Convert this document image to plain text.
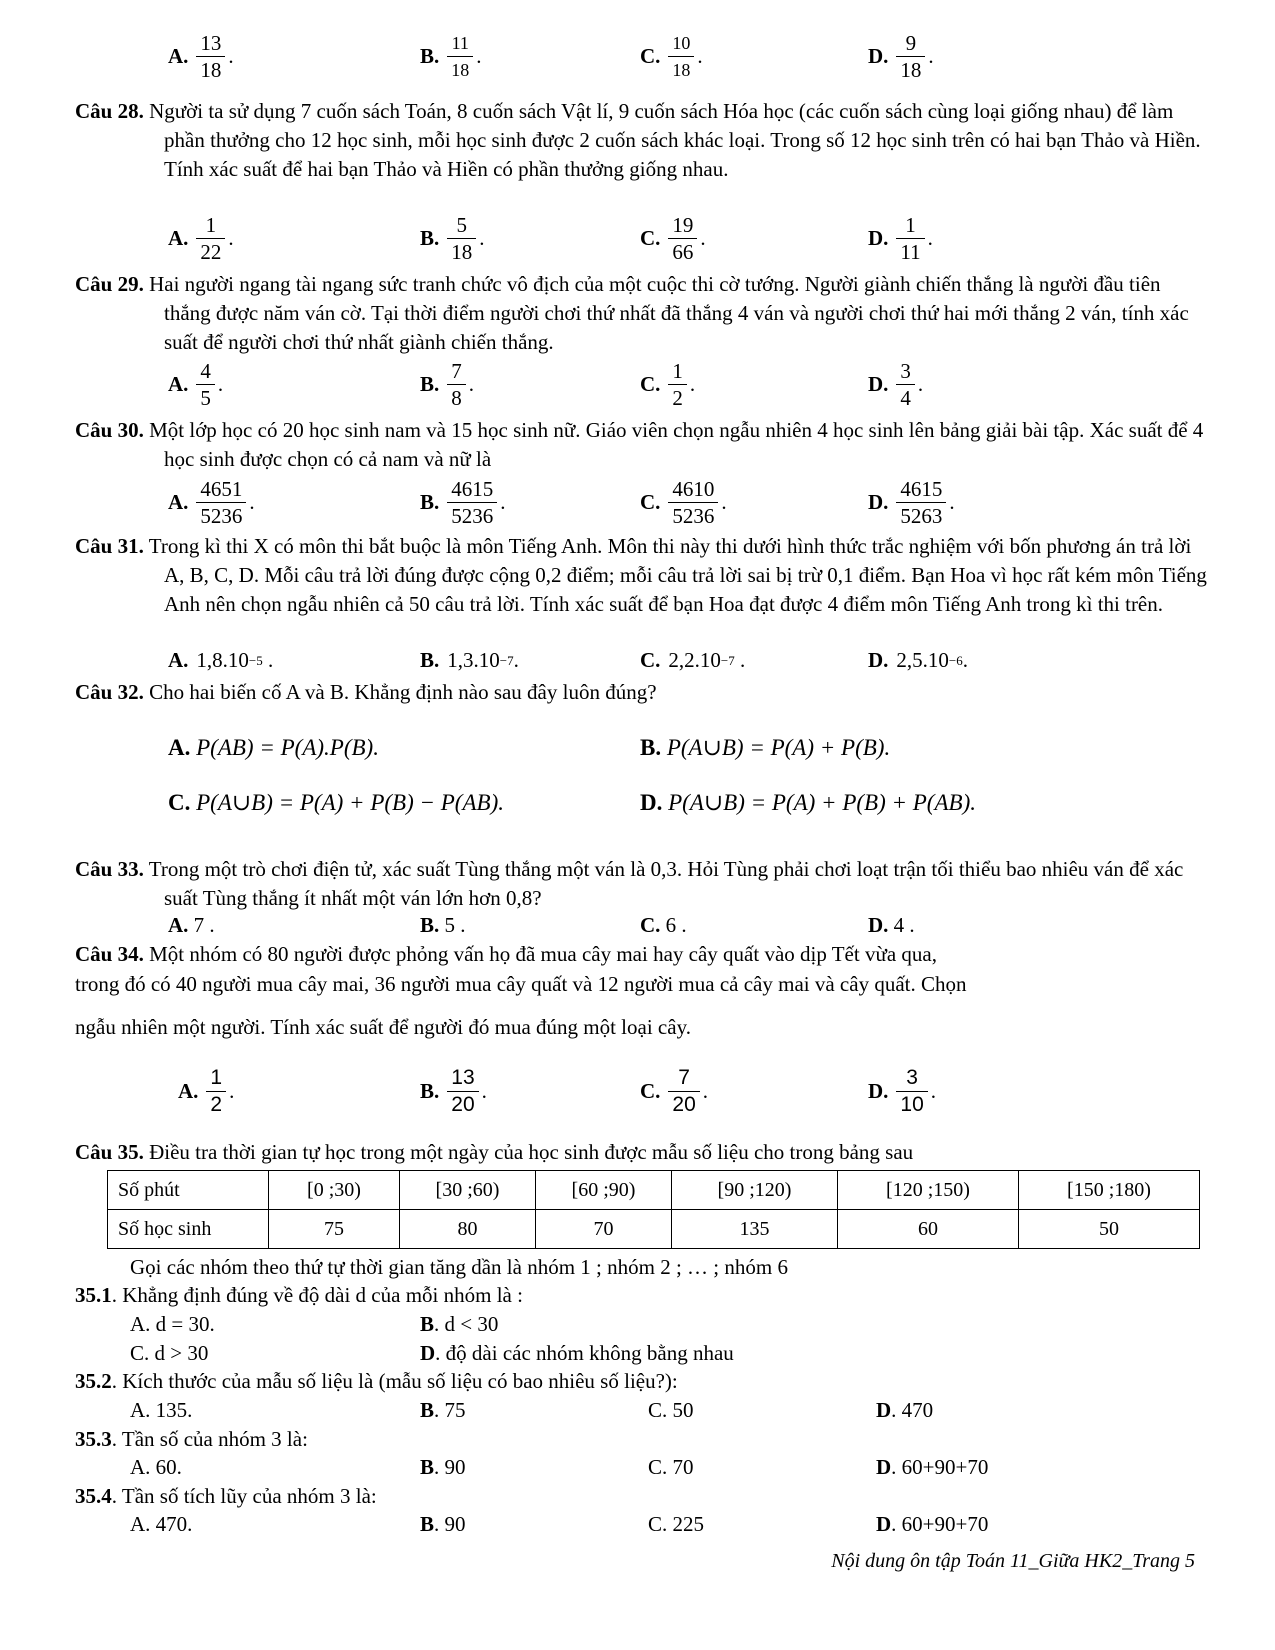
A. $\frac{13}{18}$ .	B. $\frac{11}{18}$ .	C. $\frac{10}{18}$ .	D. $\frac{9}{18}$ .
Câu 28. Người ta sử dụng 7 cuốn sách Toán, 8 cuốn sách Vật lí, 9 cuốn sách Hóa học (các cuốn sách cùng loại giống nhau) để làm phần thưởng cho 12 học sinh, mỗi học sinh được 2 cuốn sách khác loại. Trong số 12 học sinh trên có hai bạn Thảo và Hiền. Tính xác suất để hai bạn Thảo và Hiền có phần thưởng giống nhau.
A. $\frac{1}{22}$ .	B. $\frac{5}{18}$ .	C. $\frac{19}{66}$ .	D. $\frac{1}{11}$ .
Câu 29. Hai người ngang tài ngang sức tranh chức vô địch của một cuộc thi cờ tướng. Người giành chiến thắng là người đầu tiên thắng được năm ván cờ. Tại thời điểm người chơi thứ nhất đã thắng 4 ván và người chơi thứ hai mới thắng 2 ván, tính xác suất để người chơi thứ nhất giành chiến thắng.
A. $\frac{4}{5}$ .	B. $\frac{7}{8}$ .	C. $\frac{1}{2}$ .	D. $\frac{3}{4}$ .
Câu 30. Một lớp học có 20 học sinh nam và 15 học sinh nữ. Giáo viên chọn ngẫu nhiên 4 học sinh lên bảng giải bài tập. Xác suất để 4 học sinh được chọn có cả nam và nữ là
A. $\frac{4651}{5236}$ .	B. $\frac{4615}{5236}$ .	C. $\frac{4610}{5236}$ .	D. $\frac{4615}{5263}$ .
Câu 31. Trong kì thi X có môn thi bắt buộc là môn Tiếng Anh. Môn thi này thi dưới hình thức trắc nghiệm với bốn phương án trả lời A, B, C, D. Mỗi câu trả lời đúng được cộng 0,2 điểm; mỗi câu trả lời sai bị trừ 0,1 điểm. Bạn Hoa vì học rất kém môn Tiếng Anh nên chọn ngẫu nhiên cả 50 câu trả lời. Tính xác suất để bạn Hoa đạt được 4 điểm môn Tiếng Anh trong kì thi trên.
A. 1,8.10 −5 .	B. 1,3.10 −7 .	C. 2,2.10 −7 .	D. 2,5.10 −6 .
Câu 32. Cho hai biến cố A và B. Khẳng định nào sau đây luôn đúng?
A. P(AB) = P(A).P(B).	B. P(A∪B) = P(A) + P(B).
C. P(A∪B) = P(A) + P(B) − P(AB).	D. P(A∪B) = P(A) + P(B) + P(AB).
Câu 33. Trong một trò chơi điện tử, xác suất Tùng thắng một ván là 0,3. Hỏi Tùng phải chơi loạt trận tối thiểu bao nhiêu ván để xác suất Tùng thắng ít nhất một ván lớn hơn 0,8?
A. 7 .	B. 5 .	C. 6 .	D. 4 .
Câu 34. Một nhóm có 80 người được phỏng vấn họ đã mua cây mai hay cây quất vào dịp Tết vừa qua,
trong đó có 40 người mua cây mai, 36 người mua cây quất và 12 người mua cả cây mai và cây quất. Chọn
ngẫu nhiên một người. Tính xác suất để người đó mua đúng một loại cây.
A. $\frac{1}{2}$ .	B. $\frac{13}{20}$ .	C. $\frac{7}{20}$ .	D. $\frac{3}{10}$ .
Câu 35. Điều tra thời gian tự học trong một ngày của học sinh được mẫu số liệu cho trong bảng sau
Số phút	[0 ;30)	[30 ;60)	[60 ;90)	[90 ;120)	[120 ;150)	[150 ;180)
Số học sinh	75	80	70	135	60	50
Gọi các nhóm theo thứ tự thời gian tăng dần là nhóm 1 ; nhóm 2 ; … ; nhóm 6
35.1. Khẳng định đúng về độ dài d của mỗi nhóm là :
A. d = 30.	B. d < 30
C. d > 30	D. độ dài các nhóm không bằng nhau
35.2. Kích thước của mẫu số liệu là (mẫu số liệu có bao nhiêu số liệu?):
A. 135.	B. 75	C. 50	D. 470
35.3. Tần số của nhóm 3 là:
A. 60.	B. 90	C. 70	D. 60+90+70
35.4. Tần số tích lũy của nhóm 3 là:
A. 470.	B. 90	C. 225	D. 60+90+70
Nội dung ôn tập Toán 11_Giữa HK2_Trang 5
